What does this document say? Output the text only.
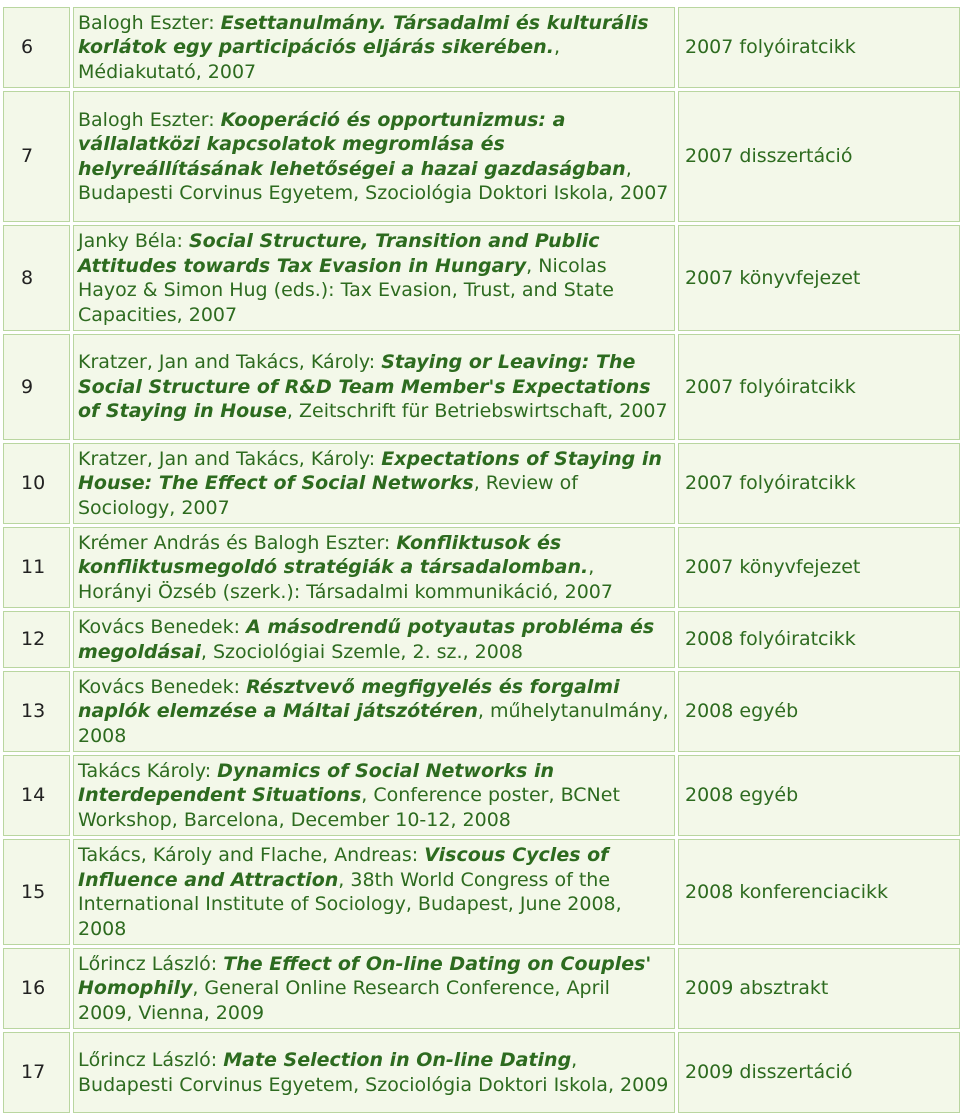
6	Balogh Eszter: Esettanulmány. Társadalmi és kulturális korlátok egy participációs eljárás sikerében., Médiakutató, 2007	2007 folyóiratcikk
7	Balogh Eszter: Kooperáció és opportunizmus: a vállalatközi kapcsolatok megromlása és helyreállításának lehetőségei a hazai gazdaságban, Budapesti Corvinus Egyetem, Szociológia Doktori Iskola, 2007	2007 disszertáció
8	Janky Béla: Social Structure, Transition and Public Attitudes towards Tax Evasion in Hungary, Nicolas Hayoz & Simon Hug (eds.): Tax Evasion, Trust, and State Capacities, 2007	2007 könyvfejezet
9	Kratzer, Jan and Takács, Károly: Staying or Leaving: The Social Structure of R&D Team Member's Expectations of Staying in House, Zeitschrift für Betriebswirtschaft, 2007	2007 folyóiratcikk
10	Kratzer, Jan and Takács, Károly: Expectations of Staying in House: The Effect of Social Networks, Review of Sociology, 2007	2007 folyóiratcikk
11	Krémer András és Balogh Eszter: Konfliktusok és konfliktusmegoldó stratégiák a társadalomban., Horányi Özséb (szerk.): Társadalmi kommunikáció, 2007	2007 könyvfejezet
12	Kovács Benedek: A másodrendű potyautas probléma és megoldásai, Szociológiai Szemle, 2. sz., 2008	2008 folyóiratcikk
13	Kovács Benedek: Résztvevő megfigyelés és forgalmi naplók elemzése a Máltai játszótéren, műhelytanulmány, 2008	2008 egyéb
14	Takács Károly: Dynamics of Social Networks in Interdependent Situations, Conference poster, BCNet Workshop, Barcelona, December 10-12, 2008	2008 egyéb
15	Takács, Károly and Flache, Andreas: Viscous Cycles of Influence and Attraction, 38th World Congress of the International Institute of Sociology, Budapest, June 2008, 2008	2008 konferenciacikk
16	Lőrincz László: The Effect of On-line Dating on Couples' Homophily, General Online Research Conference, April 2009, Vienna, 2009	2009 absztrakt
17	Lőrincz László: Mate Selection in On-line Dating, Budapesti Corvinus Egyetem, Szociológia Doktori Iskola, 2009	2009 disszertáció
